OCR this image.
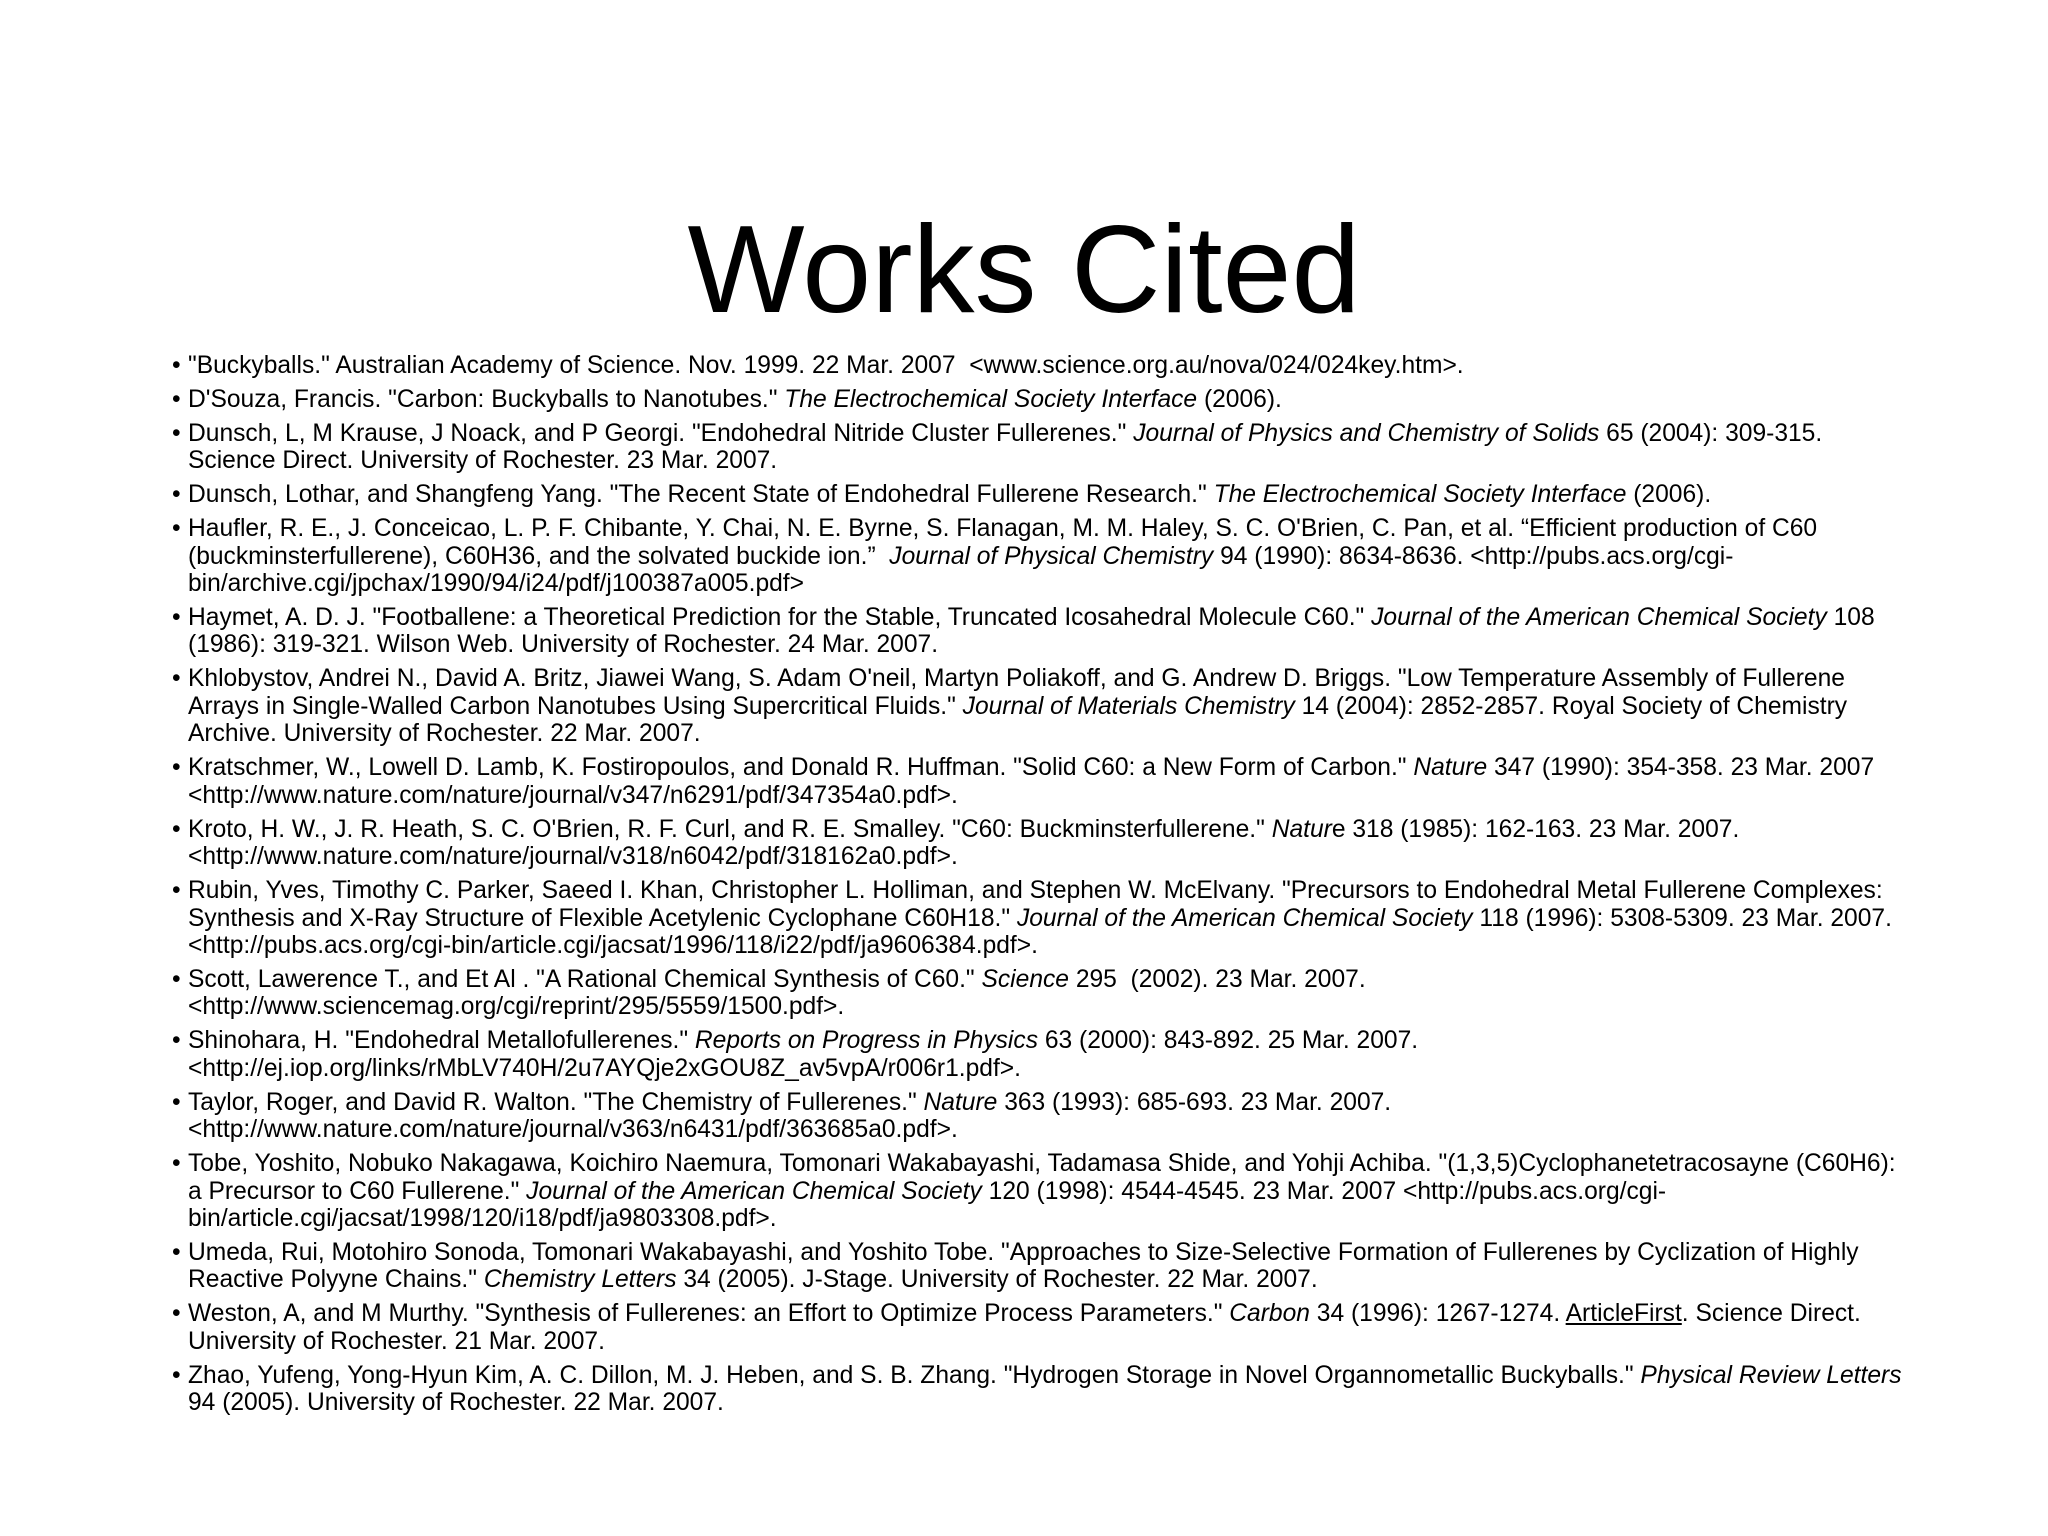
Works Cited
• "Buckyballs." Australian Academy of Science. Nov. 1999. 22 Mar. 2007  <www.science.org.au/nova/024/024key.htm>.
• D'Souza, Francis. "Carbon: Buckyballs to Nanotubes." The Electrochemical Society Interface (2006).
• Dunsch, L, M Krause, J Noack, and P Georgi. "Endohedral Nitride Cluster Fullerenes." Journal of Physics and Chemistry of Solids 65 (2004): 309-315. Science Direct. University of Rochester. 23 Mar. 2007.
• Dunsch, Lothar, and Shangfeng Yang. "The Recent State of Endohedral Fullerene Research." The Electrochemical Society Interface (2006).
• Haufler, R. E., J. Conceicao, L. P. F. Chibante, Y. Chai, N. E. Byrne, S. Flanagan, M. M. Haley, S. C. O'Brien, C. Pan, et al. “Efficient production of C60 (buckminsterfullerene), C60H36, and the solvated buckide ion.”  Journal of Physical Chemistry 94 (1990): 8634-8636. <http://pubs.acs.org/cgi-bin/archive.cgi/jpchax/1990/94/i24/pdf/j100387a005.pdf>
• Haymet, A. D. J. "Footballene: a Theoretical Prediction for the Stable, Truncated Icosahedral Molecule C60." Journal of the American Chemical Society 108 (1986): 319-321. Wilson Web. University of Rochester. 24 Mar. 2007.
• Khlobystov, Andrei N., David A. Britz, Jiawei Wang, S. Adam O'neil, Martyn Poliakoff, and G. Andrew D. Briggs. "Low Temperature Assembly of Fullerene Arrays in Single-Walled Carbon Nanotubes Using Supercritical Fluids." Journal of Materials Chemistry 14 (2004): 2852-2857. Royal Society of Chemistry Archive. University of Rochester. 22 Mar. 2007.
• Kratschmer, W., Lowell D. Lamb, K. Fostiropoulos, and Donald R. Huffman. "Solid C60: a New Form of Carbon." Nature 347 (1990): 354-358. 23 Mar. 2007 <http://www.nature.com/nature/journal/v347/n6291/pdf/347354a0.pdf>.
• Kroto, H. W., J. R. Heath, S. C. O'Brien, R. F. Curl, and R. E. Smalley. "C60: Buckminsterfullerene." Nature 318 (1985): 162-163. 23 Mar. 2007. <http://www.nature.com/nature/journal/v318/n6042/pdf/318162a0.pdf>.
• Rubin, Yves, Timothy C. Parker, Saeed I. Khan, Christopher L. Holliman, and Stephen W. McElvany. "Precursors to Endohedral Metal Fullerene Complexes: Synthesis and X-Ray Structure of Flexible Acetylenic Cyclophane C60H18." Journal of the American Chemical Society 118 (1996): 5308-5309. 23 Mar. 2007. <http://pubs.acs.org/cgi-bin/article.cgi/jacsat/1996/118/i22/pdf/ja9606384.pdf>.
• Scott, Lawerence T., and Et Al . "A Rational Chemical Synthesis of C60." Science 295  (2002). 23 Mar. 2007. <http://www.sciencemag.org/cgi/reprint/295/5559/1500.pdf>.
• Shinohara, H. "Endohedral Metallofullerenes." Reports on Progress in Physics 63 (2000): 843-892. 25 Mar. 2007. <http://ej.iop.org/links/rMbLV740H/2u7AYQje2xGOU8Z_av5vpA/r006r1.pdf>.
• Taylor, Roger, and David R. Walton. "The Chemistry of Fullerenes." Nature 363 (1993): 685-693. 23 Mar. 2007. <http://www.nature.com/nature/journal/v363/n6431/pdf/363685a0.pdf>.
• Tobe, Yoshito, Nobuko Nakagawa, Koichiro Naemura, Tomonari Wakabayashi, Tadamasa Shide, and Yohji Achiba. "(1,3,5)Cyclophanetetracosayne (C60H6): a Precursor to C60 Fullerene." Journal of the American Chemical Society 120 (1998): 4544-4545. 23 Mar. 2007 <http://pubs.acs.org/cgi-bin/article.cgi/jacsat/1998/120/i18/pdf/ja9803308.pdf>.
• Umeda, Rui, Motohiro Sonoda, Tomonari Wakabayashi, and Yoshito Tobe. "Approaches to Size-Selective Formation of Fullerenes by Cyclization of Highly Reactive Polyyne Chains." Chemistry Letters 34 (2005). J-Stage. University of Rochester. 22 Mar. 2007.
• Weston, A, and M Murthy. "Synthesis of Fullerenes: an Effort to Optimize Process Parameters." Carbon 34 (1996): 1267-1274. ArticleFirst. Science Direct. University of Rochester. 21 Mar. 2007.
• Zhao, Yufeng, Yong-Hyun Kim, A. C. Dillon, M. J. Heben, and S. B. Zhang. "Hydrogen Storage in Novel Organnometallic Buckyballs." Physical Review Letters 94 (2005). University of Rochester. 22 Mar. 2007.
